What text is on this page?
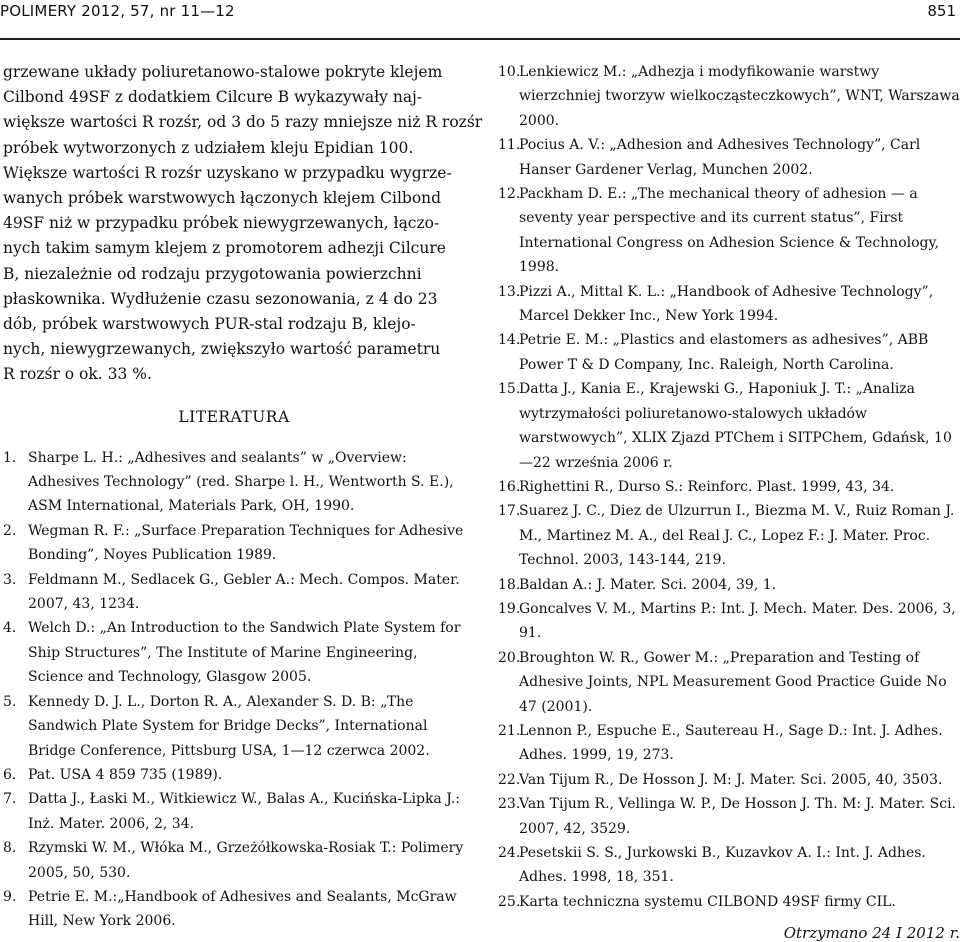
POLIMERY 2012, 57, nr 11—12	851
grzewane układy poliuretanowo-stalowe pokryte klejem
Cilbond 49SF z dodatkiem Cilcure B wykazywały naj-
większe wartości R rozśr, od 3 do 5 razy mniejsze niż R rozśr
próbek wytworzonych z udziałem kleju Epidian 100.
Większe wartości R rozśr uzyskano w przypadku wygrze-
wanych próbek warstwowych łączonych klejem Cilbond
49SF niż w przypadku próbek niewygrzewanych, łączo-
nych takim samym klejem z promotorem adhezji Cilcure
B, niezależnie od rodzaju przygotowania powierzchni
płaskownika. Wydłużenie czasu sezonowania, z 4 do 23
dób, próbek warstwowych PUR-stal rodzaju B, klejo-
nych, niewygrzewanych, zwiększyło wartość parametru
R rozśr o ok. 33 %.
LITERATURA
1. Sharpe L. H.: „Adhesives and sealants” w „Overview: Adhesives Technology” (red. Sharpe l. H., Wentworth S. E.), ASM International, Materials Park, OH, 1990.
2. Wegman R. F.: „Surface Preparation Techniques for Adhesive Bonding”, Noyes Publication 1989.
3. Feldmann M., Sedlacek G., Gebler A.: Mech. Compos. Mater. 2007, 43, 1234.
4. Welch D.: „An Introduction to the Sandwich Plate System for Ship Structures”, The Institute of Marine Engineering, Science and Technology, Glasgow 2005.
5. Kennedy D. J. L., Dorton R. A., Alexander S. D. B: „The Sandwich Plate System for Bridge Decks”, International Bridge Conference, Pittsburg USA, 1—12 czerwca 2002.
6. Pat. USA 4 859 735 (1989).
7. Datta J., Łaski M., Witkiewicz W., Balas A., Kucińska-Lipka J.: Inż. Mater. 2006, 2, 34.
8. Rzymski W. M., Włóka M., Grzeżółkowska-Rosiak T.: Polimery 2005, 50, 530.
9. Petrie E. M.:„Handbook of Adhesives and Sealants, McGraw Hill, New York 2006.
10.
Lenkiewicz M.: „Adhezja i modyfikowanie warstwy wierzchniej tworzyw wielkocząsteczkowych”, WNT, Warszawa 2000.
11.
Pocius A. V.: „Adhesion and Adhesives Technology”, Carl Hanser Gardener Verlag, Munchen 2002.
12.
Packham D. E.: „The mechanical theory of adhesion — a seventy year perspective and its current status”, First International Congress on Adhesion Science & Technology, 1998.
13.
Pizzi A., Mittal K. L.: „Handbook of Adhesive Technology”, Marcel Dekker Inc., New York 1994.
14.
Petrie E. M.: „Plastics and elastomers as adhesives”, ABB Power T & D Company, Inc. Raleigh, North Carolina.
15.
Datta J., Kania E., Krajewski G., Haponiuk J. T.: „Analiza wytrzymałości poliuretanowo-stalowych układów warstwowych”, XLIX Zjazd PTChem i SITPChem, Gdańsk, 10—22 września 2006 r.
16.
Righettini R., Durso S.: Reinforc. Plast. 1999, 43, 34.
17.
Suarez J. C., Diez de Ulzurrun I., Biezma M. V., Ruiz Roman J. M., Martinez M. A., del Real J. C., Lopez F.: J. Mater. Proc. Technol. 2003, 143-144, 219.
18.
Baldan A.: J. Mater. Sci. 2004, 39, 1.
19.
Goncalves V. M., Martins P.: Int. J. Mech. Mater. Des. 2006, 3, 91.
20.
Broughton W. R., Gower M.: „Preparation and Testing of Adhesive Joints, NPL Measurement Good Practice Guide No 47 (2001).
21.
Lennon P., Espuche E., Sautereau H., Sage D.: Int. J. Adhes. Adhes. 1999, 19, 273.
22.
Van Tijum R., De Hosson J. M: J. Mater. Sci. 2005, 40, 3503.
23.
Van Tijum R., Vellinga W. P., De Hosson J. Th. M: J. Mater. Sci. 2007, 42, 3529.
24.
Pesetskii S. S., Jurkowski B., Kuzavkov A. I.: Int. J. Adhes. Adhes. 1998, 18, 351.
25.
Karta techniczna systemu CILBOND 49SF firmy CIL.
Otrzymano 24 I 2012 r.
